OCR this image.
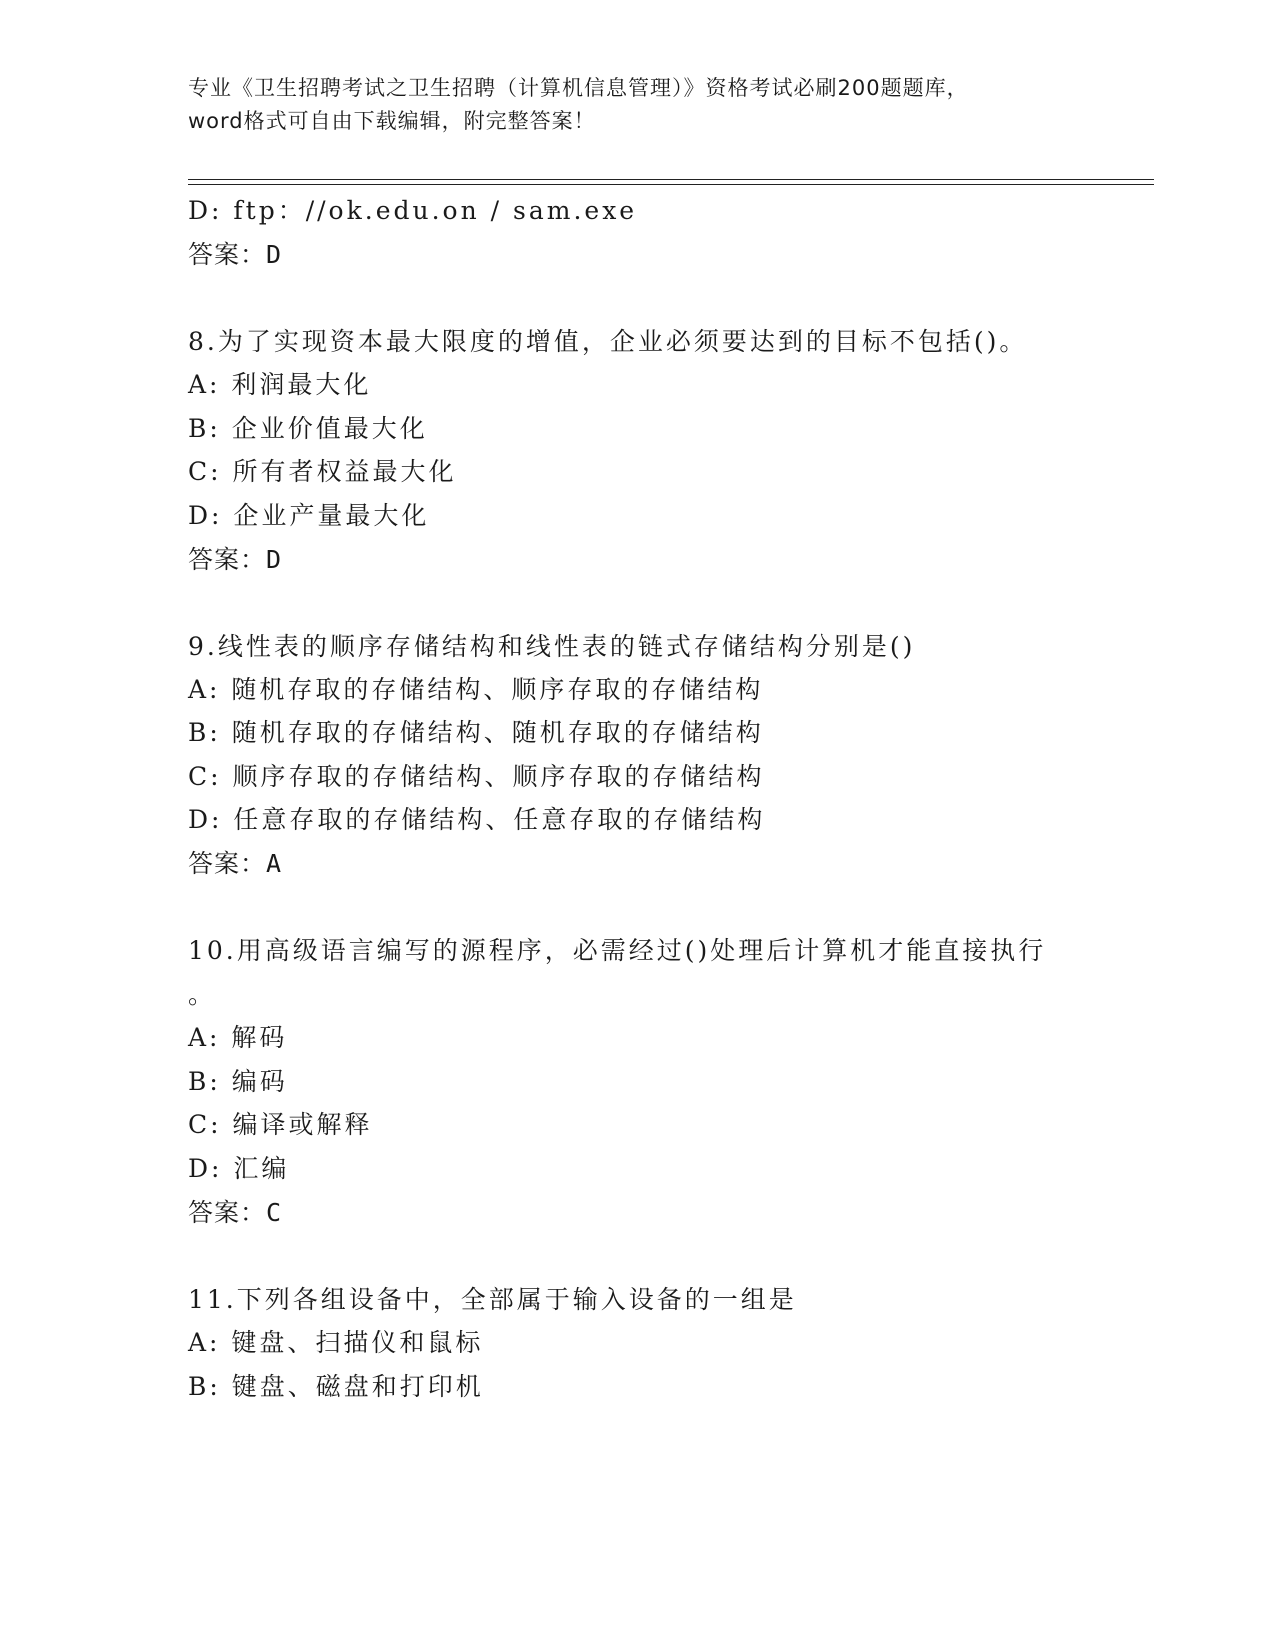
专业《卫生招聘考试之卫生招聘（计算机信息管理）》资格考试必刷200题题库，
word格式可自由下载编辑，附完整答案！
D: ftp：//ok.edu.on / sam.exe
答案：D
8.为了实现资本最大限度的增值，企业必须要达到的目标不包括()。
A: 利润最大化
B: 企业价值最大化
C: 所有者权益最大化
D: 企业产量最大化
答案：D
9.线性表的顺序存储结构和线性表的链式存储结构分别是()
A: 随机存取的存储结构、顺序存取的存储结构
B: 随机存取的存储结构、随机存取的存储结构
C: 顺序存取的存储结构、顺序存取的存储结构
D: 任意存取的存储结构、任意存取的存储结构
答案：A
10.用高级语言编写的源程序，必需经过()处理后计算机才能直接执行
。
A: 解码
B: 编码
C: 编译或解释
D: 汇编
答案：C
11.下列各组设备中，全部属于输入设备的一组是
A: 键盘、扫描仪和鼠标
B: 键盘、磁盘和打印机
